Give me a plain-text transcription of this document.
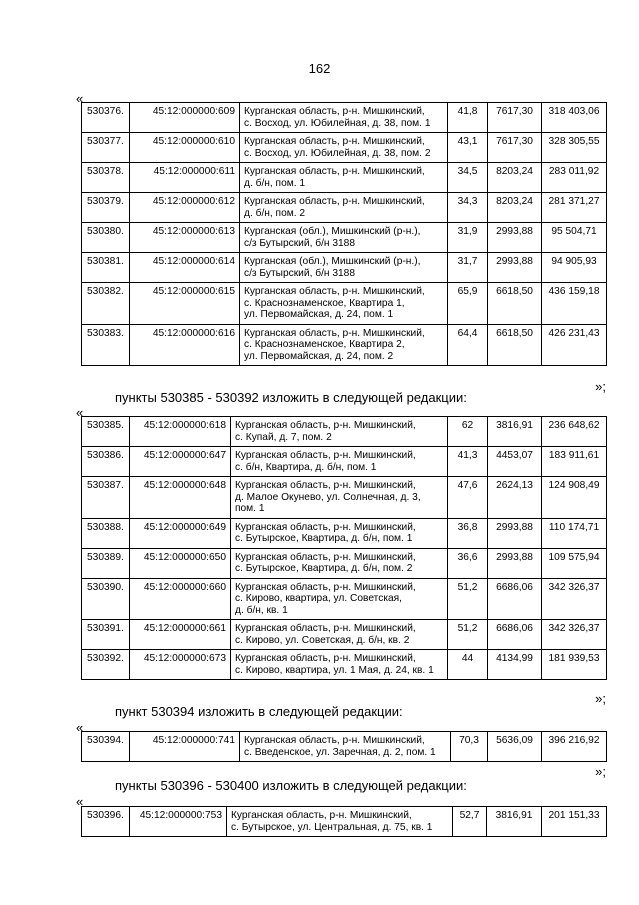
162
«
530376.	45:12:000000:609	Курганская область, р-н. Мишкинский,
с. Восход, ул. Юбилейная, д. 38, пом. 1	41,8	7617,30	318 403,06
530377.	45:12:000000:610	Курганская область, р-н. Мишкинский,
с. Восход, ул. Юбилейная, д. 38, пом. 2	43,1	7617,30	328 305,55
530378.	45:12:000000:611	Курганская область, р-н. Мишкинский,
д. б/н, пом. 1	34,5	8203,24	283 011,92
530379.	45:12:000000:612	Курганская область, р-н. Мишкинский,
д. б/н, пом. 2	34,3	8203,24	281 371,27
530380.	45:12:000000:613	Курганская (обл.), Мишкинский (р-н.),
с/з Бутырский, б/н 3188	31,9	2993,88	95 504,71
530381.	45:12:000000:614	Курганская (обл.), Мишкинский (р-н.),
с/з Бутырский, б/н 3188	31,7	2993,88	94 905,93
530382.	45:12:000000:615	Курганская область, р-н. Мишкинский,
с. Краснознаменское, Квартира 1,
ул. Первомайская, д. 24, пом. 1	65,9	6618,50	436 159,18
530383.	45:12:000000:616	Курганская область, р-н. Мишкинский,
с. Краснознаменское, Квартира 2,
ул. Первомайская, д. 24, пом. 2	64,4	6618,50	426 231,43
»;
пункты 530385 - 530392 изложить в следующей редакции:
«
530385.	45:12:000000:618	Курганская область, р-н. Мишкинский,
с. Купай, д. 7, пом. 2	62	3816,91	236 648,62
530386.	45:12:000000:647	Курганская область, р-н. Мишкинский,
с. б/н, Квартира, д. б/н, пом. 1	41,3	4453,07	183 911,61
530387.	45:12:000000:648	Курганская область, р-н. Мишкинский,
д. Малое Окунево, ул. Солнечная, д. 3,
пом. 1	47,6	2624,13	124 908,49
530388.	45:12:000000:649	Курганская область, р-н. Мишкинский,
с. Бутырское, Квартира, д. б/н, пом. 1	36,8	2993,88	110 174,71
530389.	45:12:000000:650	Курганская область, р-н. Мишкинский,
с. Бутырское, Квартира, д. б/н, пом. 2	36,6	2993,88	109 575,94
530390.	45:12:000000:660	Курганская область, р-н. Мишкинский,
с. Кирово, квартира, ул. Советская,
д. б/н, кв. 1	51,2	6686,06	342 326,37
530391.	45:12:000000:661	Курганская область, р-н. Мишкинский,
с. Кирово, ул. Советская, д. б/н, кв. 2	51,2	6686,06	342 326,37
530392.	45:12:000000:673	Курганская область, р-н. Мишкинский,
с. Кирово, квартира, ул. 1 Мая, д. 24, кв. 1	44	4134,99	181 939,53
»;
пункт 530394 изложить в следующей редакции:
«
530394.	45:12:000000:741	Курганская область, р-н. Мишкинский,
с. Введенское, ул. Заречная, д. 2, пом. 1
	70,3	5636,09	396 216,92
»;
пункты 530396 - 530400 изложить в следующей редакции:
«
530396.	45:12:000000:753	Курганская область, р-н. Мишкинский,
с. Бутырское, ул. Центральная, д. 75, кв. 1
	52,7	3816,91	201 151,33
